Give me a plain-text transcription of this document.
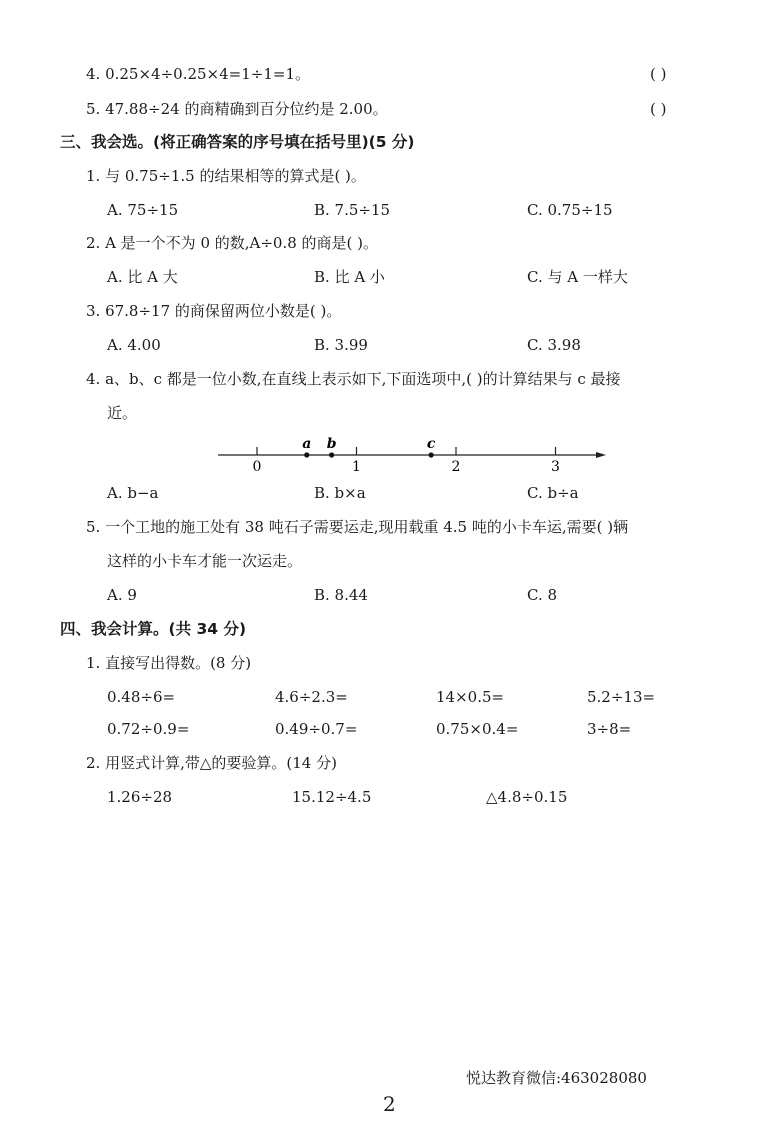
4. 0.25×4÷0.25×4=1÷1=1。	( )
5. 47.88÷24 的商精确到百分位约是 2.00。	( )
三、我会选。(将正确答案的序号填在括号里)(5 分)
1. 与 0.75÷1.5 的结果相等的算式是( )。
A. 75÷15	B. 7.5÷15	C. 0.75÷15
2. A 是一个不为 0 的数,A÷0.8 的商是( )。
A. 比 A 大	B. 比 A 小	C. 与 A 一样大
3. 67.8÷17 的商保留两位小数是( )。
A. 4.00	B. 3.99	C. 3.98
4. a、b、c 都是一位小数,在直线上表示如下,下面选项中,( )的计算结果与 c 最接
近。
0	1	2	3
a b	c
A. b−a	B. b×a	C. b÷a
5. 一个工地的施工处有 38 吨石子需要运走,现用载重 4.5 吨的小卡车运,需要( )辆
这样的小卡车才能一次运走。
A. 9	B. 8.44	C. 8
四、我会计算。(共 34 分)
1. 直接写出得数。(8 分)
0.48÷6=	4.6÷2.3=	14×0.5=	5.2÷13=
0.72÷0.9=	0.49÷0.7=	0.75×0.4=	3÷8=
2. 用竖式计算,带△的要验算。(14 分)
1.26÷28	15.12÷4.5	△4.8÷0.15
悦达教育微信:463028080
2
